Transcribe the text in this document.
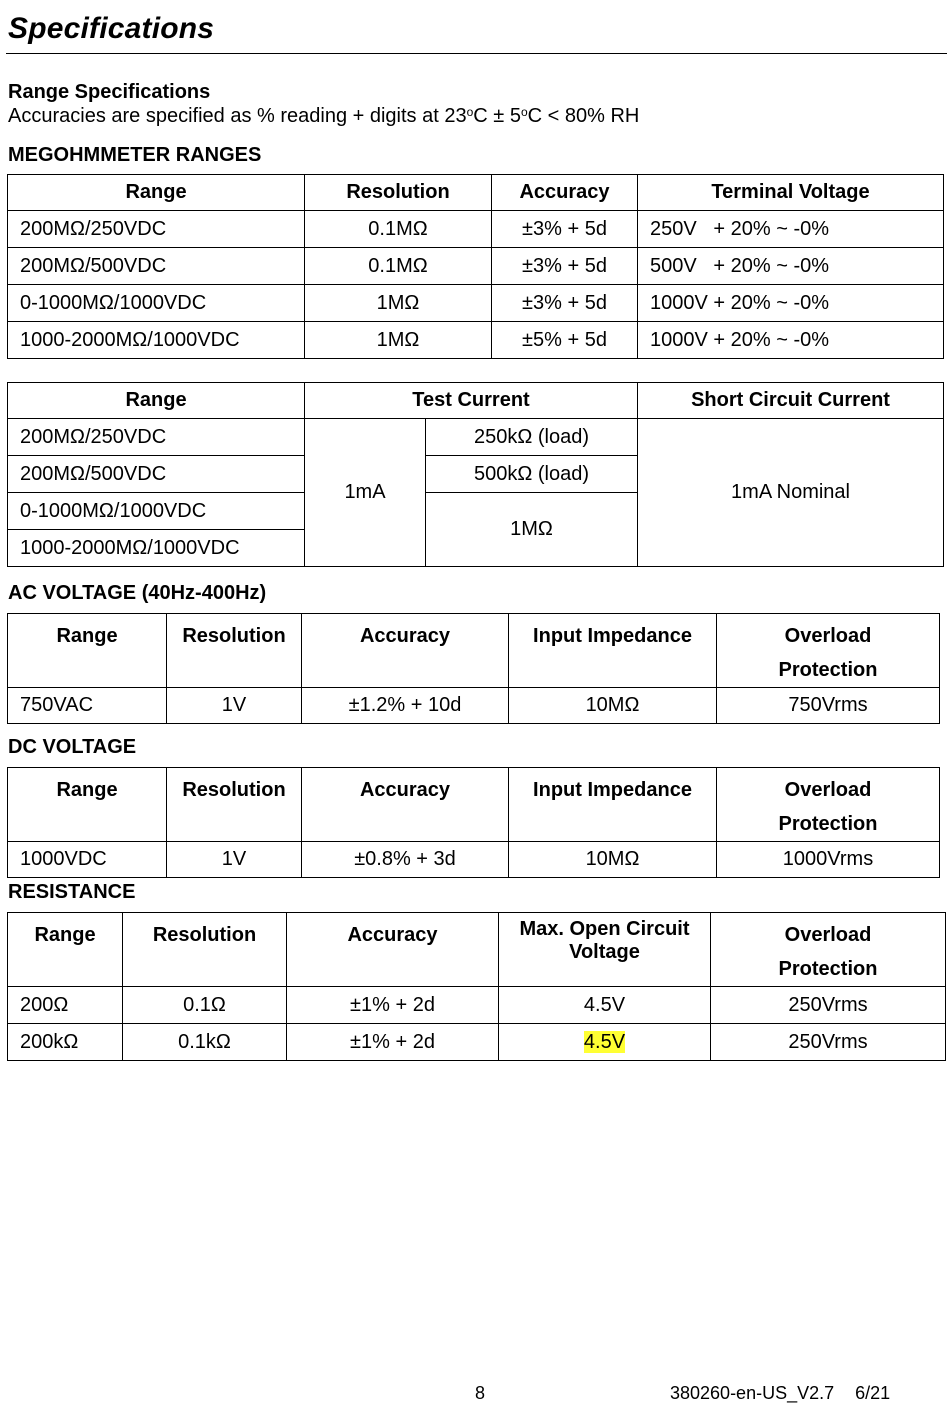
Specifications
Range Specifications
Accuracies are specified as % reading + digits at $23^oC \pm 5^oC < 80\%$ RH
MEGOHMMETER RANGES
Range	Resolution	Accuracy	Terminal Voltage
200MΩ/250VDC	0.1MΩ	±3% + 5d	250V   + 20% ~ -0%
200MΩ/500VDC	0.1MΩ	±3% + 5d	500V   + 20% ~ -0%
0-1000MΩ/1000VDC	1MΩ	±3% + 5d	1000V + 20% ~ -0%
1000-2000MΩ/1000VDC	1MΩ	±5% + 5d	1000V + 20% ~ -0%
Range	Test Current		Short Circuit Current
200MΩ/250VDC	1mA	250kΩ (load)	1mA Nominal
200MΩ/500VDC		500kΩ (load)	
0-1000MΩ/1000VDC		1MΩ	
1000-2000MΩ/1000VDC			
AC VOLTAGE (40Hz-400Hz)
Range	Resolution	Accuracy	Input Impedance	Overload
Protection
750VAC	1V	±1.2% + 10d	10MΩ	750Vrms
DC VOLTAGE
Range	Resolution	Accuracy	Input Impedance	Overload
Protection
1000VDC	1V	±0.8% + 3d	10MΩ	1000Vrms
RESISTANCE
Range	Resolution	Accuracy	Max. Open Circuit
Voltage	Overload
Protection
200Ω	0.1Ω	±1% + 2d	4.5V	250Vrms
200kΩ	0.1kΩ	±1% + 2d	4.5V	250Vrms
8	380260-en-US_V2.7   6/21
